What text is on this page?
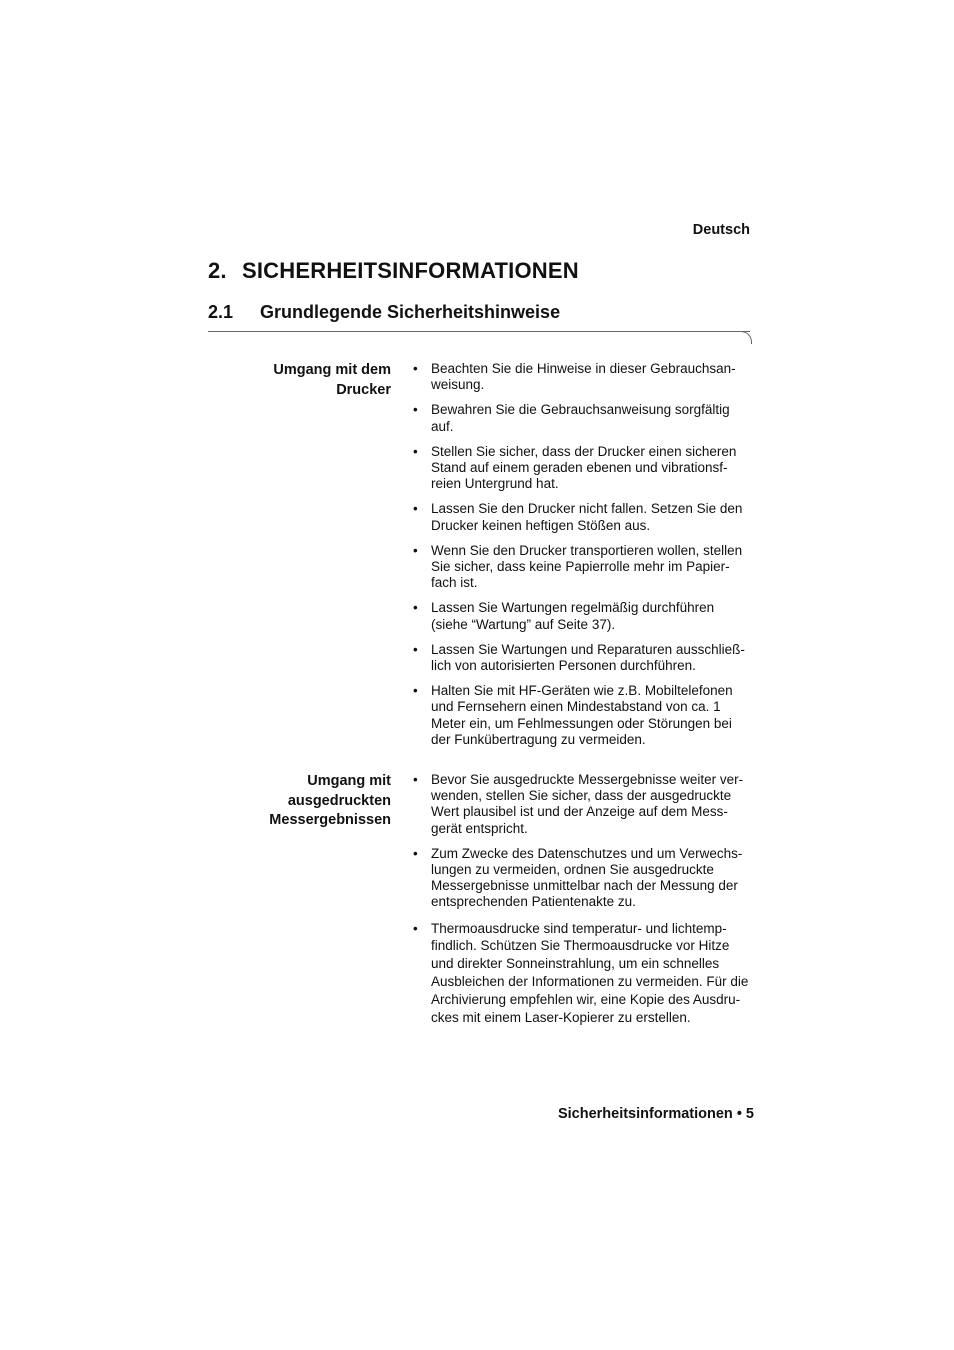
Deutsch
2. SICHERHEITSINFORMATIONEN
2.1 Grundlegende Sicherheitshinweise
Umgang mit dem
Drucker
• Beachten Sie die Hinweise in dieser Gebrauchsan-
weisung.
• Bewahren Sie die Gebrauchsanweisung sorgfältig
auf.
• Stellen Sie sicher, dass der Drucker einen sicheren
Stand auf einem geraden ebenen und vibrationsf-
reien Untergrund hat.
• Lassen Sie den Drucker nicht fallen. Setzen Sie den
Drucker keinen heftigen Stößen aus.
• Wenn Sie den Drucker transportieren wollen, stellen
Sie sicher, dass keine Papierrolle mehr im Papier-
fach ist.
• Lassen Sie Wartungen regelmäßig durchführen
(siehe “Wartung” auf Seite 37).
• Lassen Sie Wartungen und Reparaturen ausschließ-
lich von autorisierten Personen durchführen.
• Halten Sie mit HF-Geräten wie z.B. Mobiltelefonen
und Fernsehern einen Mindestabstand von ca. 1
Meter ein, um Fehlmessungen oder Störungen bei
der Funkübertragung zu vermeiden.
Umgang mit
ausgedruckten
Messergebnissen
• Bevor Sie ausgedruckte Messergebnisse weiter ver-
wenden, stellen Sie sicher, dass der ausgedruckte
Wert plausibel ist und der Anzeige auf dem Mess-
gerät entspricht.
• Zum Zwecke des Datenschutzes und um Verwechs-
lungen zu vermeiden, ordnen Sie ausgedruckte
Messergebnisse unmittelbar nach der Messung der
entsprechenden Patientenakte zu.
• Thermoausdrucke sind temperatur- und lichtemp-
findlich. Schützen Sie Thermoausdrucke vor Hitze
und direkter Sonneinstrahlung, um ein schnelles
Ausbleichen der Informationen zu vermeiden. Für die
Archivierung empfehlen wir, eine Kopie des Ausdru-
ckes mit einem Laser-Kopierer zu erstellen.
Sicherheitsinformationen • 5
